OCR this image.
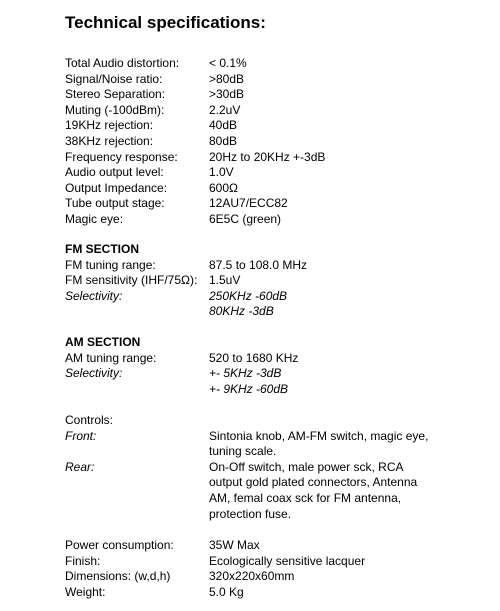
Technical specifications:
Total Audio distortion:	< 0.1%
Signal/Noise ratio:	>80dB
Stereo Separation:	>30dB
Muting (-100dBm):	2.2uV
19KHz rejection:	40dB
38KHz rejection:	80dB
Frequency response:	20Hz to 20KHz +-3dB
Audio output level:	1.0V
Output Impedance:	600Ω
Tube output stage:	12AU7/ECC82
Magic eye:	6E5C (green)
FM SECTION
FM tuning range:	87.5 to 108.0 MHz
FM sensitivity (IHF/75Ω): 1.5uV
Selectivity:	250KHz -60dB
80KHz -3dB
AM SECTION
AM tuning range:	520 to 1680 KHz
Selectivity:	+- 5KHz -3dB
+- 9KHz -60dB
Controls:
Front:	Sintonia knob, AM-FM switch, magic eye, tuning scale.
Rear:	On-Off switch, male power sck, RCA output gold plated connectors, Antenna AM, femal coax sck for FM antenna, protection fuse.
Power consumption:	35W Max
Finish:	Ecologically sensitive lacquer
Dimensions: (w,d,h)	320x220x60mm
Weight:	5.0 Kg
